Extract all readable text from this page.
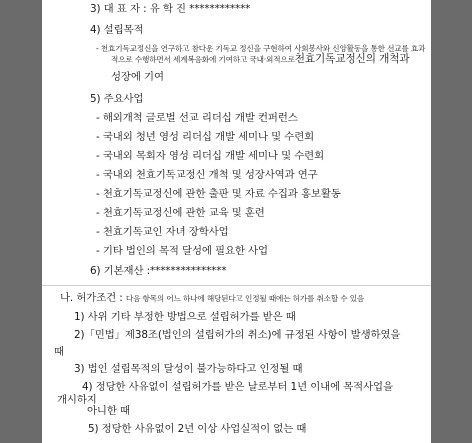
3) 대 표 자 : 유 학 진 ************
4) 설립목적
- 천효기독교정신을 연구하고 참다운 기독교 정신을 구현하여 사회봉사와 신앙활동을 통한 선교를 효과
적으로 수행하면서 세계복음화에 기여하고 국내·외적으로천효기독교정신의 개척과
성장에 기여
5) 주요사업
- 해외개척 글로벌 선교 리더십 개발 컨퍼런스
- 국내외 청년 영성 리더십 개발 세미나 및 수련회
- 국내외 목회자 영성 리더십 개발 세미나 및 수련회
- 국내외 천효기독교정신 개척 및 성장사역과 연구
- 천효기독교정신에 관한 출판 및 자료 수집과 홍보활동
- 천효기독교정신에 관한 교육 및 훈련
- 천효기독교인 자녀 장학사업
- 기타 법인의 목적 달성에 필요한 사업
6) 기본재산 :***************
나. 허가조건 : 다음 항목의 어느 하나에 해당된다고 인정될 때에는 허가를 취소할 수 있음
1) 사위 기타 부정한 방법으로 설립허가를 받은 때
2)「민법」제38조(법인의 설립허가의 취소)에 규정된 사항이 발생하였을
때
3) 법인 설립목적의 달성이 불가능하다고 인정될 때
4) 정당한 사유없이 설립허가를 받은 날로부터 1년 이내에 목적사업을
개시하지
아니한 때
5) 정당한 사유없이 2년 이상 사업실적이 없는 때
